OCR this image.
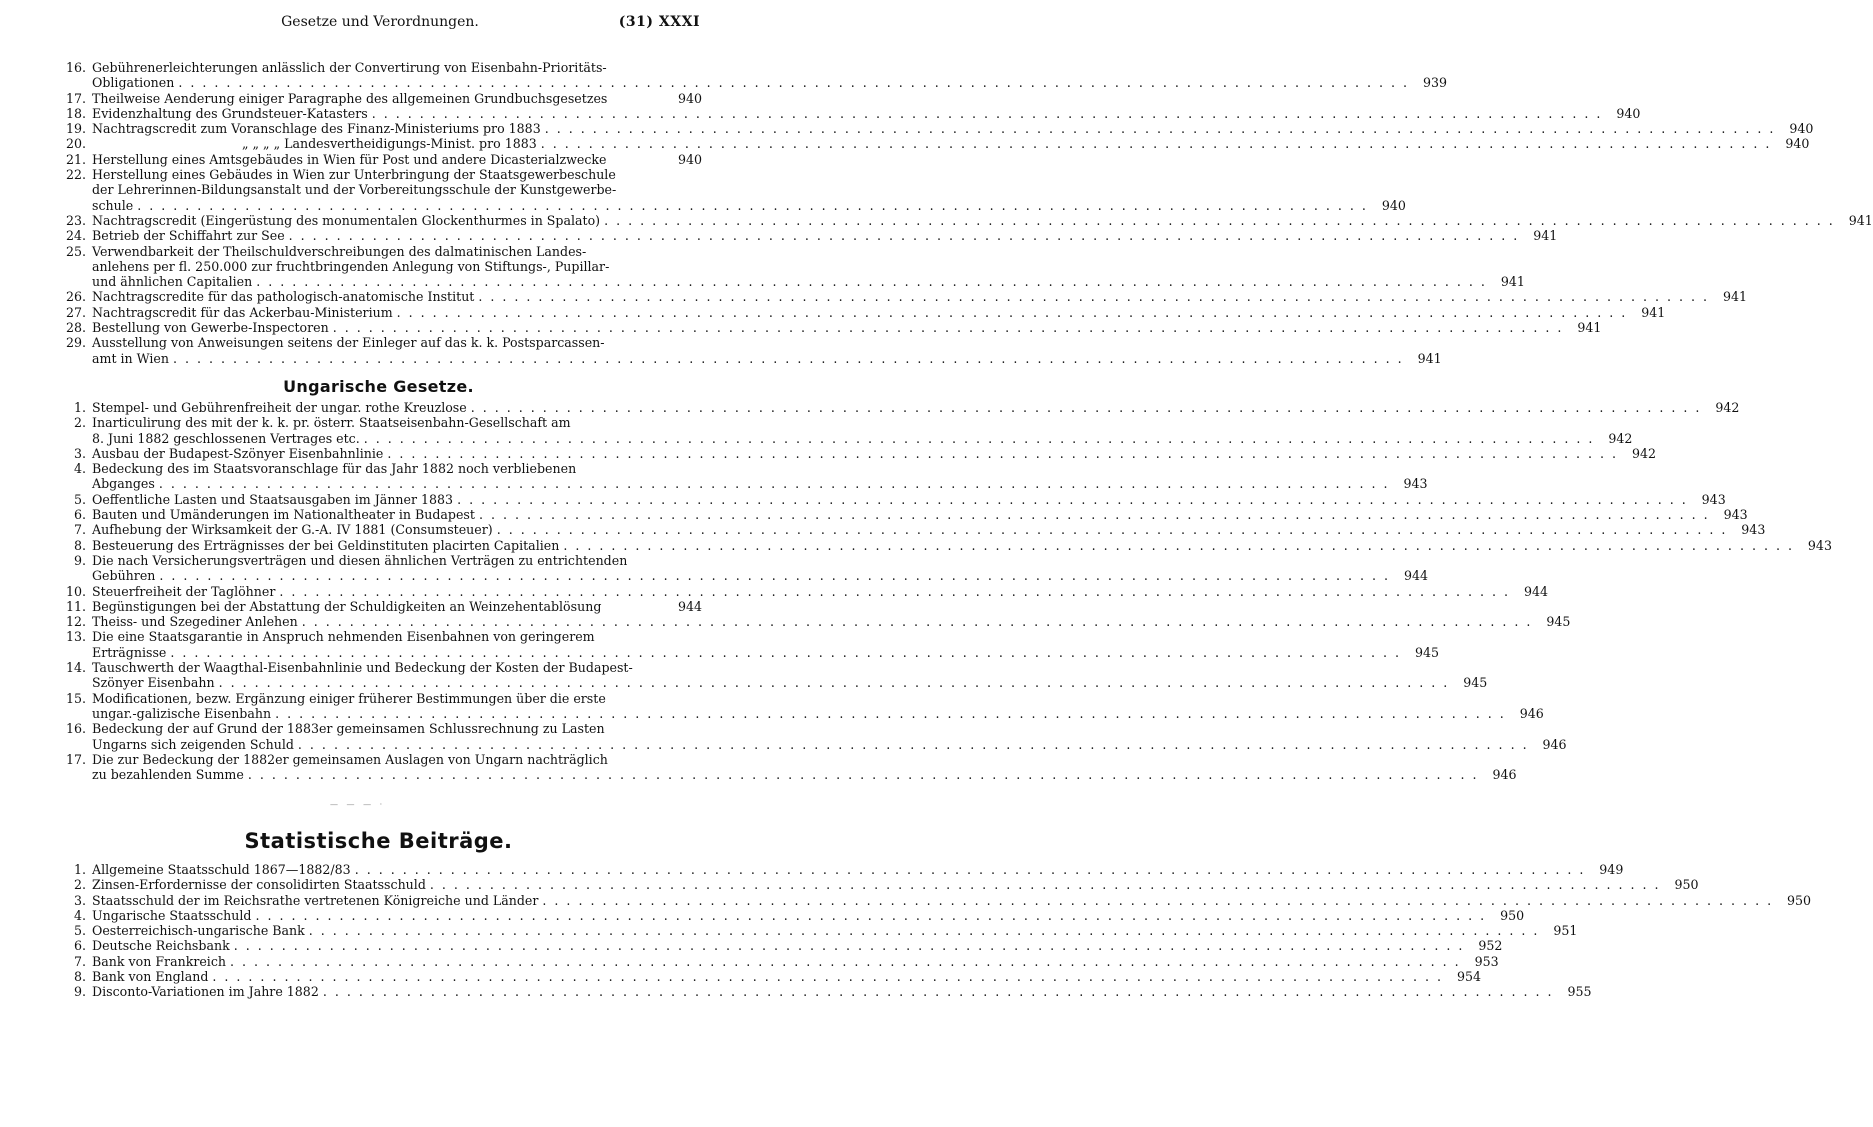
Gesetze und Verordnungen.	(31) XXXI
16. Gebührenerleichterungen anlässlich der Convertirung von Eisenbahn-Prioritäts-
Obligationen . . .	939
17. Theilweise Aenderung einiger Paragraphe des allgemeinen Grundbuchsgesetzes	940
18. Evidenzhaltung des Grundsteuer-Katasters . . .	940
19. Nachtragscredit zum Voranschlage des Finanz-Ministeriums pro 1883 . . .	940
20.	„ „ „ „ Landesvertheidigungs-Minist. pro 1883 . . .	940
21. Herstellung eines Amtsgebäudes in Wien für Post und andere Dicasterialzwecke	940
22. Herstellung eines Gebäudes in Wien zur Unterbringung der Staatsgewerbeschule
der Lehrerinnen-Bildungsanstalt und der Vorbereitungsschule der Kunstgewerbe-
schule . . .	940
23. Nachtragscredit (Eingerüstung des monumentalen Glockenthurmes in Spalato) . . .	941
24. Betrieb der Schiffahrt zur See . . .	941
25. Verwendbarkeit der Theilschuldverschreibungen des dalmatinischen Landes-
anlehens per fl. 250.000 zur fruchtbringenden Anlegung von Stiftungs-, Pupillar-
und ähnlichen Capitalien . . .	941
26. Nachtragscredite für das pathologisch-anatomische Institut . . .	941
27. Nachtragscredit für das Ackerbau-Ministerium . . .	941
28. Bestellung von Gewerbe-Inspectoren . . .	941
29. Ausstellung von Anweisungen seitens der Einleger auf das k. k. Postsparcassen-
amt in Wien . . .	941
Ungarische Gesetze.
1. Stempel- und Gebührenfreiheit der ungar. rothe Kreuzlose . . .	942
2. Inarticulirung des mit der k. k. pr. österr. Staatseisenbahn-Gesellschaft am
8. Juni 1882 geschlossenen Vertrages etc. . . .	942
3. Ausbau der Budapest-Szönyer Eisenbahnlinie . . .	942
4. Bedeckung des im Staatsvoranschlage für das Jahr 1882 noch verbliebenen
Abganges . . .	943
5. Oeffentliche Lasten und Staatsausgaben im Jänner 1883 . . .	943
6. Bauten und Umänderungen im Nationaltheater in Budapest . . .	943
7. Aufhebung der Wirksamkeit der G.-A. IV 1881 (Consumsteuer) . . .	943
8. Besteuerung des Erträgnisses der bei Geldinstituten placirten Capitalien . . .	943
9. Die nach Versicherungsverträgen und diesen ähnlichen Verträgen zu entrichtenden
Gebühren . . .	944
10. Steuerfreiheit der Taglöhner . . .	944
11. Begünstigungen bei der Abstattung der Schuldigkeiten an Weinzehentablösung	944
12. Theiss- und Szegediner Anlehen . . .	945
13. Die eine Staatsgarantie in Anspruch nehmenden Eisenbahnen von geringerem
Erträgnisse . . .	945
14. Tauschwerth der Waagthal-Eisenbahnlinie und Bedeckung der Kosten der Budapest-
Szönyer Eisenbahn . . .	945
15. Modificationen, bezw. Ergänzung einiger früherer Bestimmungen über die erste
ungar.-galizische Eisenbahn . . .	946
16. Bedeckung der auf Grund der 1883er gemeinsamen Schlussrechnung zu Lasten
Ungarns sich zeigenden Schuld . . .	946
17. Die zur Bedeckung der 1882er gemeinsamen Auslagen von Ungarn nachträglich
zu bezahlenden Summe . . .	946
— — — ·
Statistische Beiträge.
1. Allgemeine Staatsschuld 1867—1882/83 . . .	949
2. Zinsen-Erfordernisse der consolidirten Staatsschuld . . .	950
3. Staatsschuld der im Reichsrathe vertretenen Königreiche und Länder . . .	950
4. Ungarische Staatsschuld . . .	950
5. Oesterreichisch-ungarische Bank . . .	951
6. Deutsche Reichsbank . . .	952
7. Bank von Frankreich . . .	953
8. Bank von England . . .	954
9. Disconto-Variationen im Jahre 1882 . . .	955
